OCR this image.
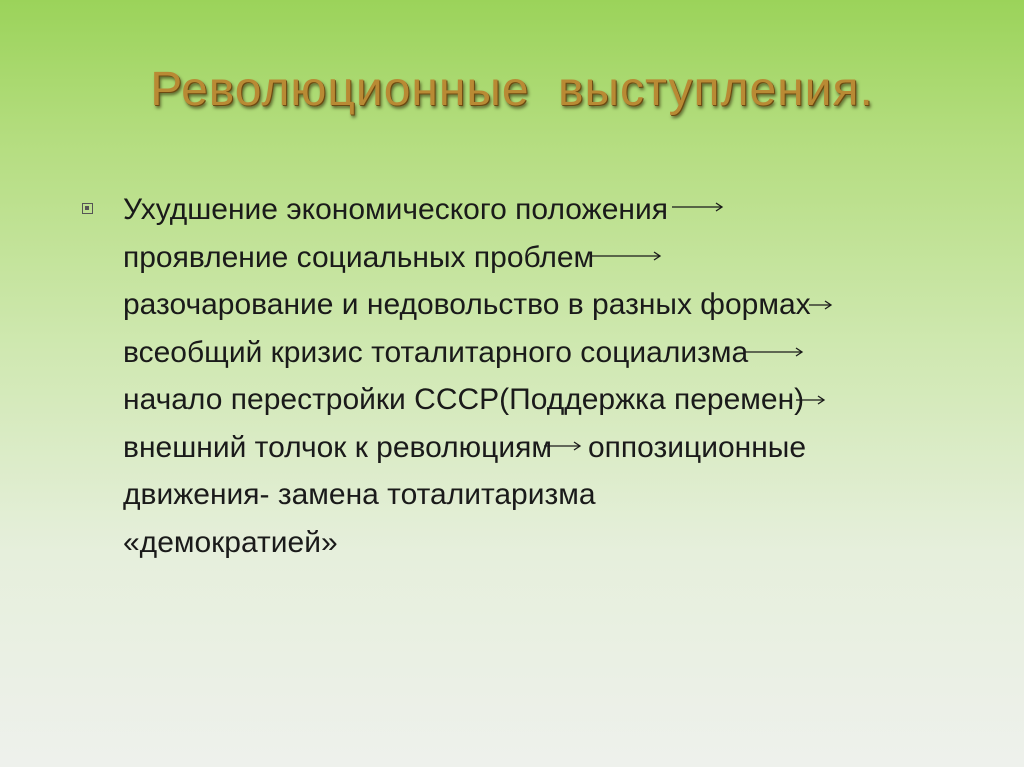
Революционные выступления.
Ухудшение экономического положения
проявление социальных проблем
разочарование и недовольство в разных формах
всеобщий кризис тоталитарного социализма
начало перестройки СССР(Поддержка перемен)
внешний толчок к революциям оппозиционные
движения- замена тоталитаризма
«демократией»
